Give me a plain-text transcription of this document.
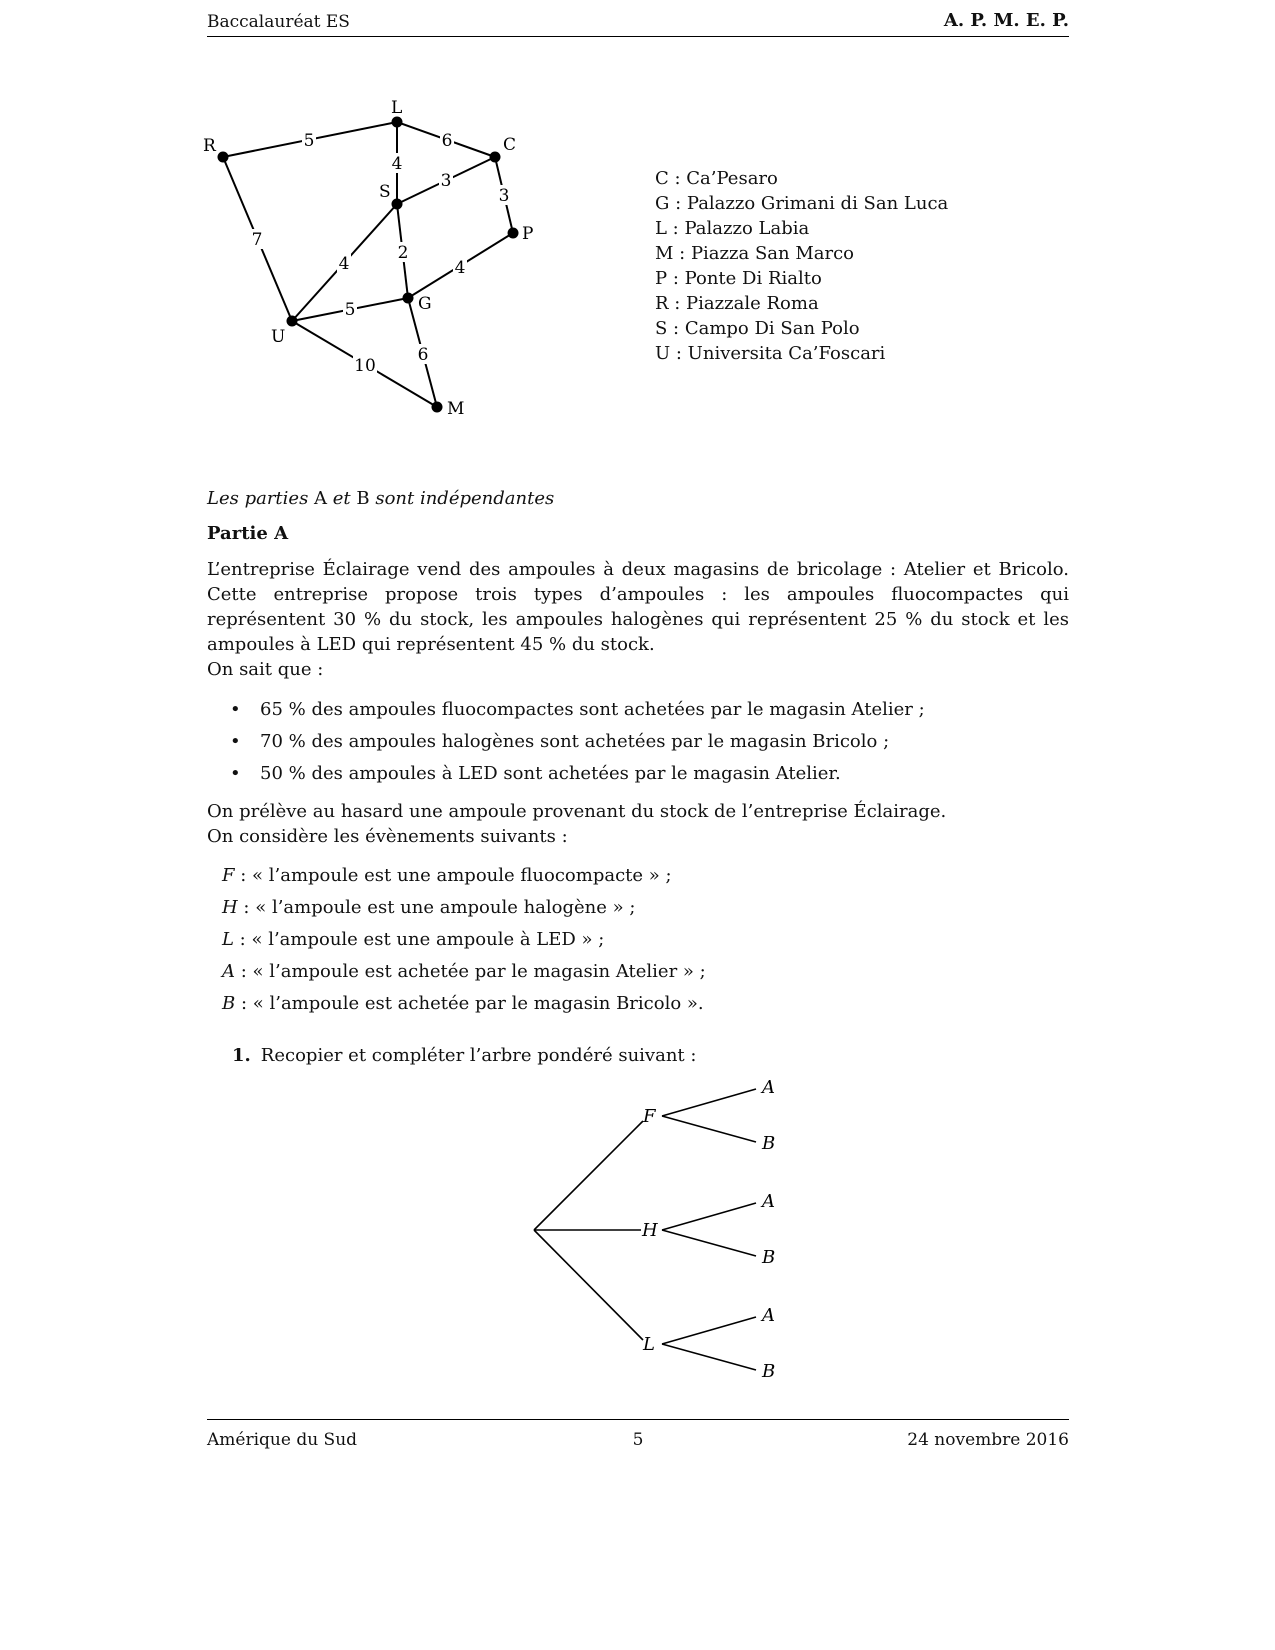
Baccalauréat ES	A. P. M. E. P.
5	6
4
3
3
7
4
2
4
5
6
10
L
R	C
S
P
G
U
M
C : Ca’Pesaro
G : Palazzo Grimani di San Luca
L : Palazzo Labia
M : Piazza San Marco
P : Ponte Di Rialto
R : Piazzale Roma
S : Campo Di San Polo
U : Universita Ca’Foscari
Les parties A et B sont indépendantes
Partie A

L’entreprise Éclairage vend des ampoules à deux magasins de bricolage : Atelier et Bricolo. Cette entreprise propose trois types d’ampoules : les ampoules fluocompactes qui représentent 30 % du stock, les ampoules halogènes qui représentent 25 % du stock et les ampoules à LED qui représentent 45 % du stock.

On sait que :

• 65 % des ampoules fluocompactes sont achetées par le magasin Atelier ;
• 70 % des ampoules halogènes sont achetées par le magasin Bricolo ;
• 50 % des ampoules à LED sont achetées par le magasin Atelier.
On prélève au hasard une ampoule provenant du stock de l’entreprise Éclairage.
On considère les évènements suivants :
F : « l’ampoule est une ampoule fluocompacte » ;
H : « l’ampoule est une ampoule halogène » ;
L : « l’ampoule est une ampoule à LED » ;
A : « l’ampoule est achetée par le magasin Atelier » ;
B : « l’ampoule est achetée par le magasin Bricolo ».
1. Recopier et compléter l’arbre pondéré suivant :
F
H
L
A
B
A
B
A
B
Amérique du Sud	5	24 novembre 2016
